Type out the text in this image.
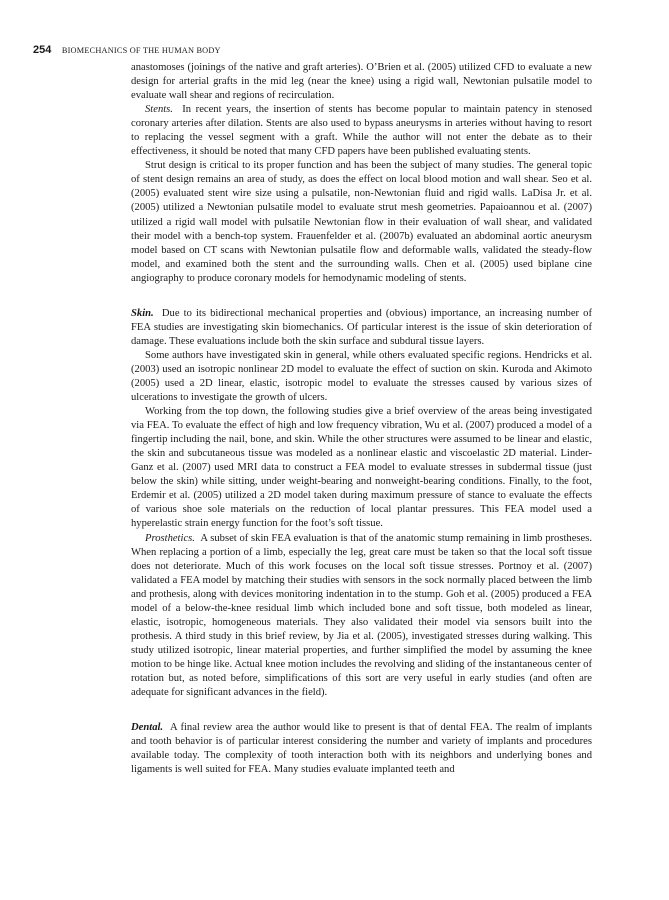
254 BIOMECHANICS OF THE HUMAN BODY

anastomoses (joinings of the native and graft arteries). O’Brien et al. (2005) utilized CFD to evaluate a new design for arterial grafts in the mid leg (near the knee) using a rigid wall, Newtonian pulsatile model to evaluate wall shear and regions of recirculation.

Stents. In recent years, the insertion of stents has become popular to maintain patency in stenosed coronary arteries after dilation. Stents are also used to bypass aneurysms in arteries without having to resort to replacing the vessel segment with a graft. While the author will not enter the debate as to their effectiveness, it should be noted that many CFD papers have been published evaluating stents.

Strut design is critical to its proper function and has been the subject of many studies. The general topic of stent design remains an area of study, as does the effect on local blood motion and wall shear. Seo et al. (2005) evaluated stent wire size using a pulsatile, non-Newtonian fluid and rigid walls. LaDisa Jr. et al. (2005) utilized a Newtonian pulsatile model to evaluate strut mesh geometries. Papaioannou et al. (2007) utilized a rigid wall model with pulsatile Newtonian flow in their evaluation of wall shear, and validated their model with a bench-top system. Frauenfelder et al. (2007b) evaluated an abdominal aortic aneurysm model based on CT scans with Newtonian pulsatile flow and deformable walls, validated the steady-flow model, and examined both the stent and the surrounding walls. Chen et al. (2005) used biplane cine angiography to produce coronary models for hemodynamic modeling of stents.

Skin. Due to its bidirectional mechanical properties and (obvious) importance, an increasing number of FEA studies are investigating skin biomechanics. Of particular interest is the issue of skin deterioration of damage. These evaluations include both the skin surface and subdural tissue layers.

Some authors have investigated skin in general, while others evaluated specific regions. Hendricks et al. (2003) used an isotropic nonlinear 2D model to evaluate the effect of suction on skin. Kuroda and Akimoto (2005) used a 2D linear, elastic, isotropic model to evaluate the stresses caused by various sizes of ulcerations to investigate the growth of ulcers.

Working from the top down, the following studies give a brief overview of the areas being investigated via FEA. To evaluate the effect of high and low frequency vibration, Wu et al. (2007) produced a model of a fingertip including the nail, bone, and skin. While the other structures were assumed to be linear and elastic, the skin and subcutaneous tissue was modeled as a nonlinear elastic and viscoelastic 2D material. Linder-Ganz et al. (2007) used MRI data to construct a FEA model to evaluate stresses in subdermal tissue (just below the skin) while sitting, under weight-bearing and nonweight-bearing conditions. Finally, to the foot, Erdemir et al. (2005) utilized a 2D model taken during maximum pressure of stance to evaluate the effects of various shoe sole materials on the reduction of local plantar pressures. This FEA model used a hyperelastic strain energy function for the foot’s soft tissue.

Prosthetics. A subset of skin FEA evaluation is that of the anatomic stump remaining in limb prostheses. When replacing a portion of a limb, especially the leg, great care must be taken so that the local soft tissue does not deteriorate. Much of this work focuses on the local soft tissue stresses. Portnoy et al. (2007) validated a FEA model by matching their studies with sensors in the sock normally placed between the limb and prothesis, along with devices monitoring indentation in to the stump. Goh et al. (2005) produced a FEA model of a below-the-knee residual limb which included bone and soft tissue, both modeled as linear, elastic, isotropic, homogeneous materials. They also validated their model via sensors built into the prothesis. A third study in this brief review, by Jia et al. (2005), investigated stresses during walking. This study utilized isotropic, linear material properties, and further simplified the model by assuming the knee motion to be hinge like. Actual knee motion includes the revolving and sliding of the instantaneous center of rotation but, as noted before, simplifications of this sort are very useful in early studies (and often are adequate for significant advances in the field).

Dental. A final review area the author would like to present is that of dental FEA. The realm of implants and tooth behavior is of particular interest considering the number and variety of implants and procedures available today. The complexity of tooth interaction both with its neighbors and underlying bones and ligaments is well suited for FEA. Many studies evaluate implanted teeth and
